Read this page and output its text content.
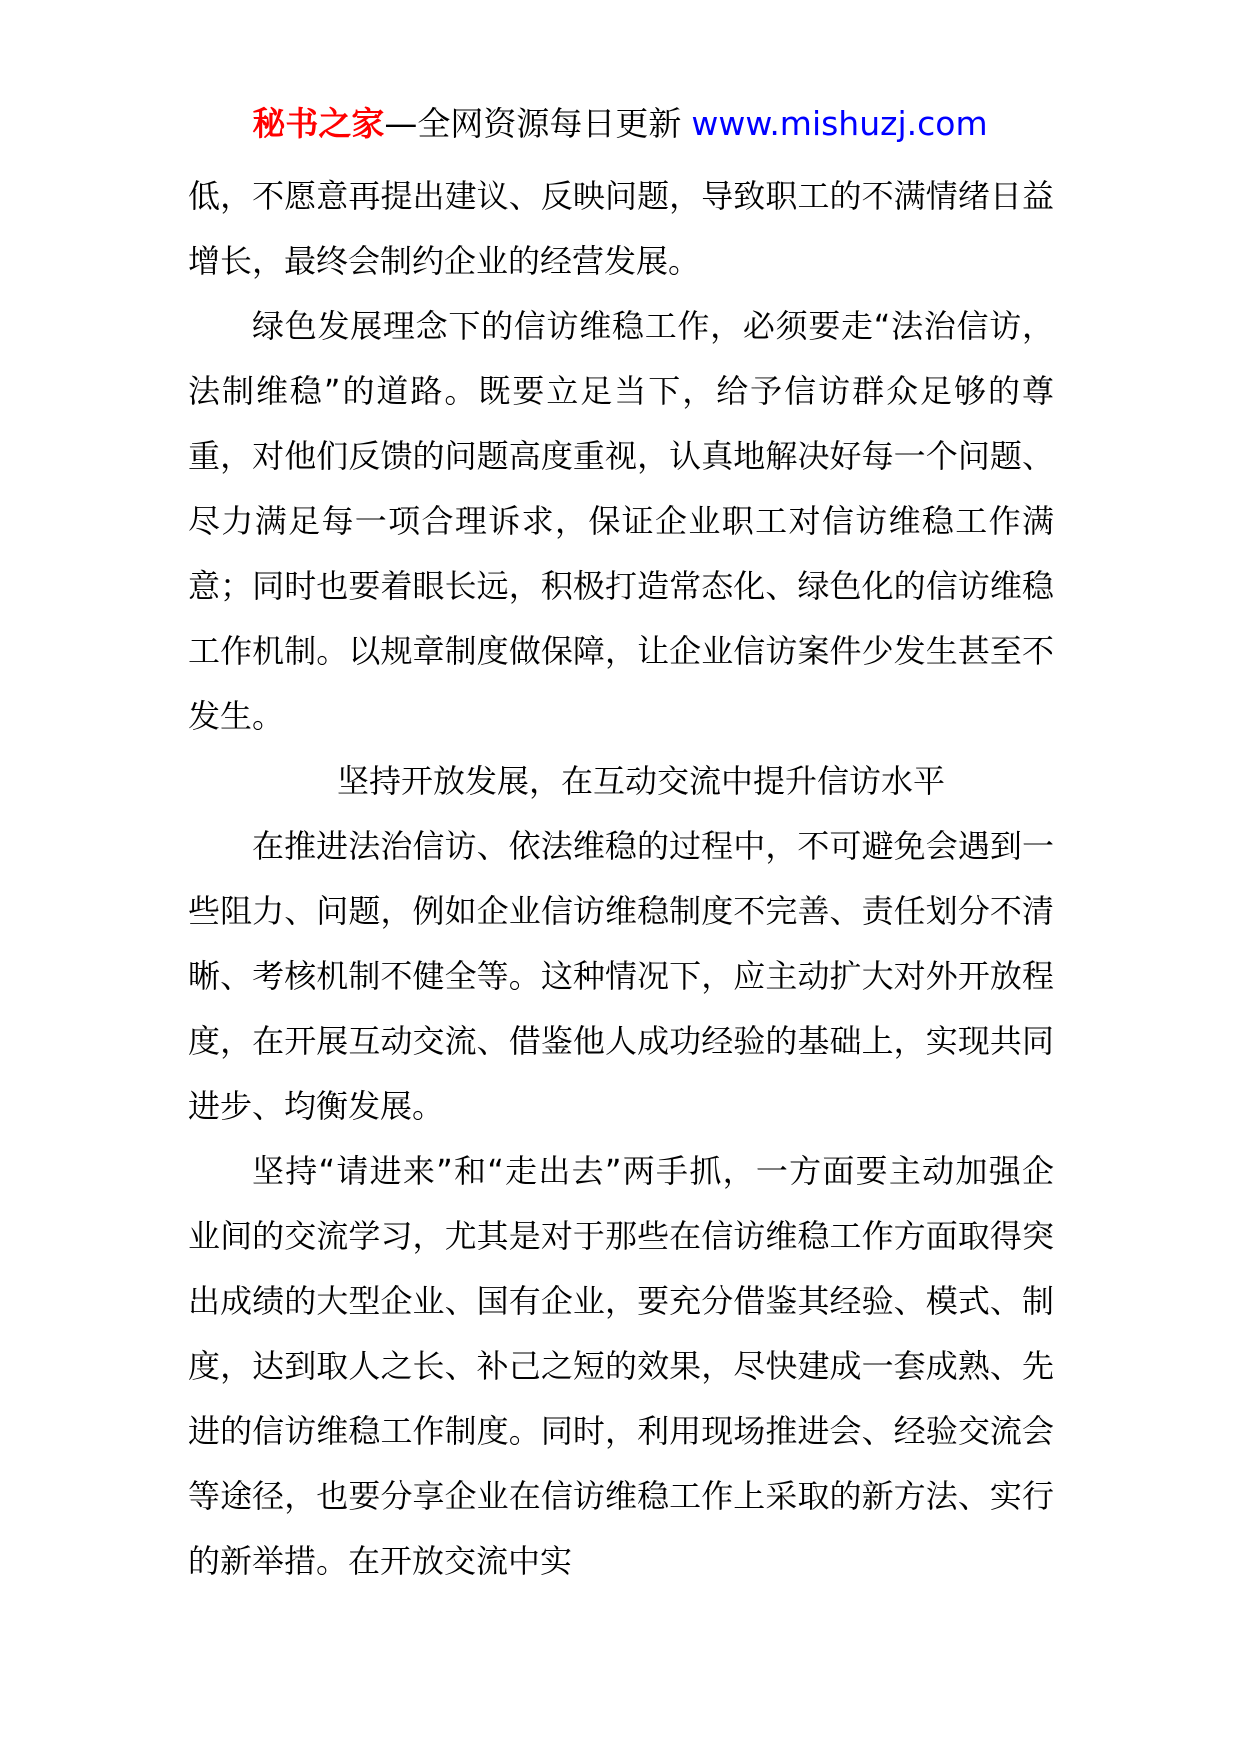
秘书之家—全网资源每日更新 www.mishuzj.com

低，不愿意再提出建议、反映问题，导致职工的不满情绪日益增长，最终会制约企业的经营发展。

绿色发展理念下的信访维稳工作，必须要走“法治信访，法制维稳”的道路。既要立足当下，给予信访群众足够的尊重，对他们反馈的问题高度重视，认真地解决好每一个问题、尽力满足每一项合理诉求，保证企业职工对信访维稳工作满意；同时也要着眼长远，积极打造常态化、绿色化的信访维稳工作机制。以规章制度做保障，让企业信访案件少发生甚至不发生。

坚持开放发展，在互动交流中提升信访水平

在推进法治信访、依法维稳的过程中，不可避免会遇到一些阻力、问题，例如企业信访维稳制度不完善、责任划分不清晰、考核机制不健全等。这种情况下，应主动扩大对外开放程度，在开展互动交流、借鉴他人成功经验的基础上，实现共同进步、均衡发展。

坚持“请进来”和“走出去”两手抓，一方面要主动加强企业间的交流学习，尤其是对于那些在信访维稳工作方面取得突出成绩的大型企业、国有企业，要充分借鉴其经验、模式、制度，达到取人之长、补己之短的效果，尽快建成一套成熟、先进的信访维稳工作制度。同时，利用现场推进会、经验交流会等途径，也要分享企业在信访维稳工作上采取的新方法、实行的新举措。在开放交流中实
